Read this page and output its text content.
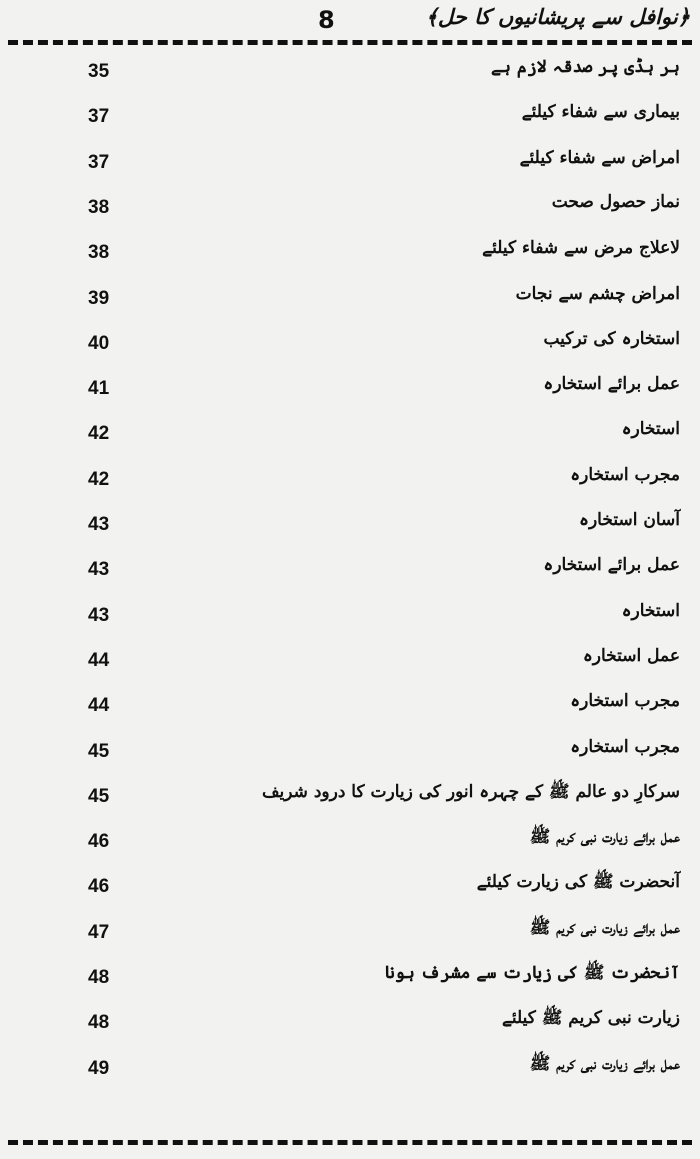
8	﴿نوافل سے پریشانیوں کا حل﴾
35	ہر ہڈی پر صدقہ لازم ہے
37	بیماری سے شفاء کیلئے
37	امراض سے شفاء کیلئے
38	نماز حصول صحت
38	لاعلاج مرض سے شفاء کیلئے
39	امراض چشم سے نجات
40	استخارہ کی ترکیب
41	عمل برائے استخارہ
42	استخارہ
42	مجرب استخارہ
43	آسان استخارہ
43	عمل برائے استخارہ
43	استخارہ
44	عمل استخارہ
44	مجرب استخارہ
45	مجرب استخارہ
45	سرکارِ دو عالم ﷺ کے چہرہ انور کی زیارت کا درود شریف
46	عمل برائے زیارت نبی کریم ﷺ
46	آنحضرت ﷺ کی زیارت کیلئے
47	عمل برائے زیارت نبی کریم ﷺ
48	آنحضرت ﷺ کی زیارت سے مشرف ہونا
48	زیارت نبی کریم ﷺ کیلئے
49	عمل برائے زیارت نبی کریم ﷺ
